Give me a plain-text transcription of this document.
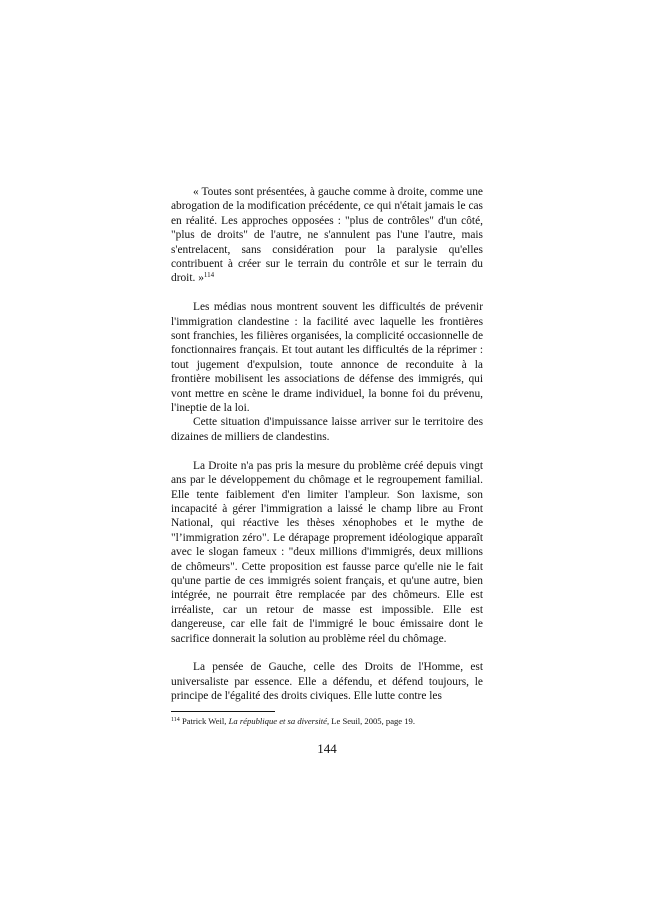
« Toutes sont présentées, à gauche comme à droite, comme une abrogation de la modification précédente, ce qui n'était jamais le cas en réalité. Les approches opposées : "plus de contrôles" d'un côté, "plus de droits" de l'autre, ne s'annulent pas l'une l'autre, mais s'entrelacent, sans considération pour la paralysie qu'elles contribuent à créer sur le terrain du contrôle et sur le terrain du droit. »$^{114}$

Les médias nous montrent souvent les difficultés de prévenir l'immigration clandestine : la facilité avec laquelle les frontières sont franchies, les filières organisées, la complicité occasionnelle de fonctionnaires français. Et tout autant les difficultés de la réprimer : tout jugement d'expulsion, toute annonce de reconduite à la frontière mobilisent les associations de défense des immigrés, qui vont mettre en scène le drame individuel, la bonne foi du prévenu, l'ineptie de la loi.

Cette situation d'impuissance laisse arriver sur le territoire des dizaines de milliers de clandestins.

La Droite n'a pas pris la mesure du problème créé depuis vingt ans par le développement du chômage et le regroupement familial. Elle tente faiblement d'en limiter l'ampleur. Son laxisme, son incapacité à gérer l'immigration a laissé le champ libre au Front National, qui réactive les thèses xénophobes et le mythe de "l’immigration zéro". Le dérapage proprement idéologique apparaît avec le slogan fameux : "deux millions d'immigrés, deux millions de chômeurs". Cette proposition est fausse parce qu'elle nie le fait qu'une partie de ces immigrés soient français, et qu'une autre, bien intégrée, ne pourrait être remplacée par des chômeurs. Elle est irréaliste, car un retour de masse est impossible. Elle est dangereuse, car elle fait de l'immigré le bouc émissaire dont le sacrifice donnerait la solution au problème réel du chômage.

La pensée de Gauche, celle des Droits de l'Homme, est universaliste par essence. Elle a défendu, et défend toujours, le principe de l'égalité des droits civiques. Elle lutte contre les

$^{114}$ Patrick Weil, La république et sa diversité, Le Seuil, 2005, page 19.

144
